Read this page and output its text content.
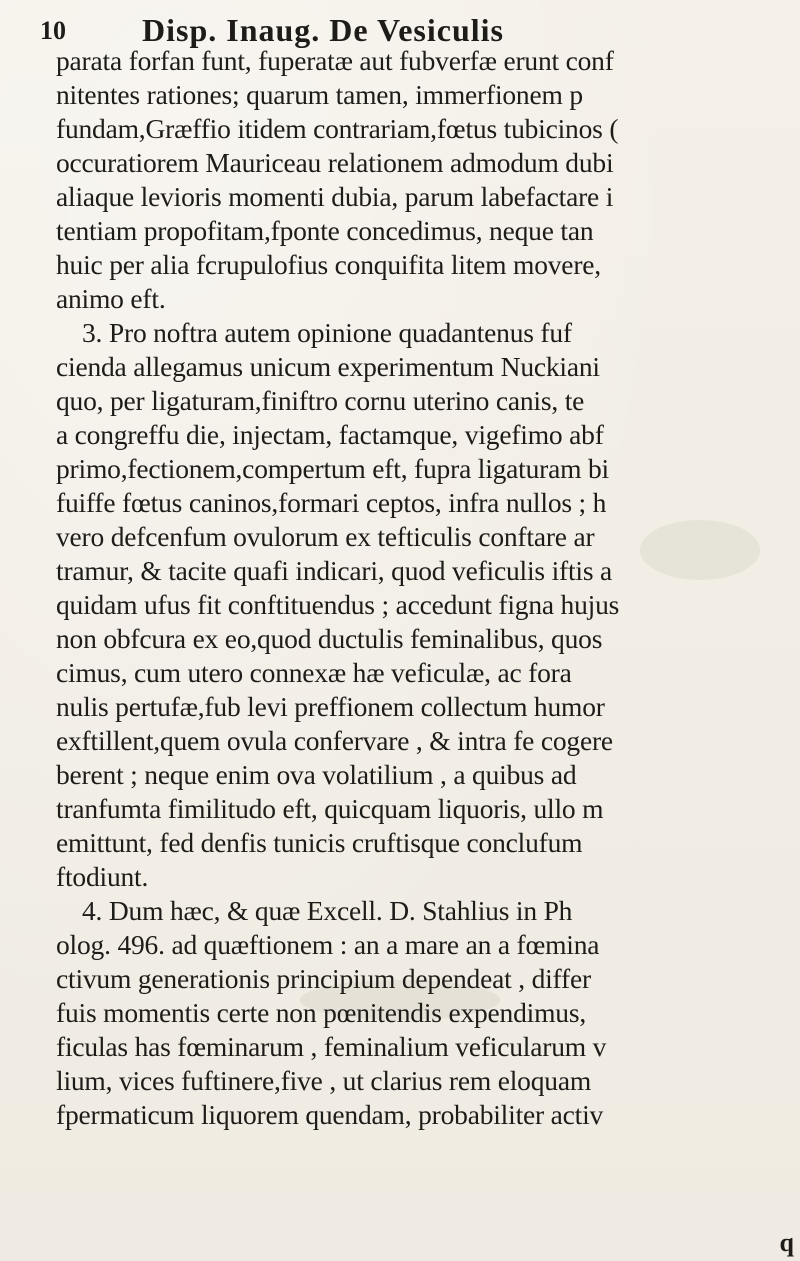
10 Disp. Inaug. De Vesiculis
parata forfan funt, fuperatæ aut fubverfæ erunt conf
nitentes rationes; quarum tamen, immerfionem p
fundam,Græffio itidem contrariam,fœtus tubicinos (
occuratiorem Mauriceau relationem admodum dubi
aliaque levioris momenti dubia, parum labefactare i
tentiam propofitam,fponte concedimus, neque tan
huic per alia fcrupulofius conquifita litem movere,
animo eft.
3. Pro noftra autem opinione quadantenus fuf
cienda allegamus unicum experimentum Nuckiani
quo, per ligaturam,finiftro cornu uterino canis, te
a congreffu die, injectam, factamque, vigefimo abf
primo,fectionem,compertum eft, fupra ligaturam bi
fuiffe fœtus caninos,formari ceptos, infra nullos ; h
vero defcenfum ovulorum ex tefticulis conftare ar
tramur, & tacite quafi indicari, quod veficulis iftis a
quidam ufus fit conftituendus ; accedunt figna hujus
non obfcura ex eo,quod ductulis feminalibus, quos
cimus, cum utero connexæ hæ veficulæ, ac fora
nulis pertufæ,fub levi preffionem collectum humor
exftillent,quem ovula confervare , & intra fe cogere
berent ; neque enim ova volatilium , a quibus ad
tranfumta fimilitudo eft, quicquam liquoris, ullo m
emittunt, fed denfis tunicis cruftisque conclufum
ftodiunt.
4. Dum hæc, & quæ Excell. D. Stahlius in Ph
olog. 496. ad quæftionem : an a mare an a fœmina
ctivum generationis principium dependeat , differ
fuis momentis certe non pœnitendis expendimus,
ficulas has fœminarum , feminalium veficularum v
lium, vices fuftinere,five , ut clarius rem eloquam
fpermaticum liquorem quendam, probabiliter activ
q
